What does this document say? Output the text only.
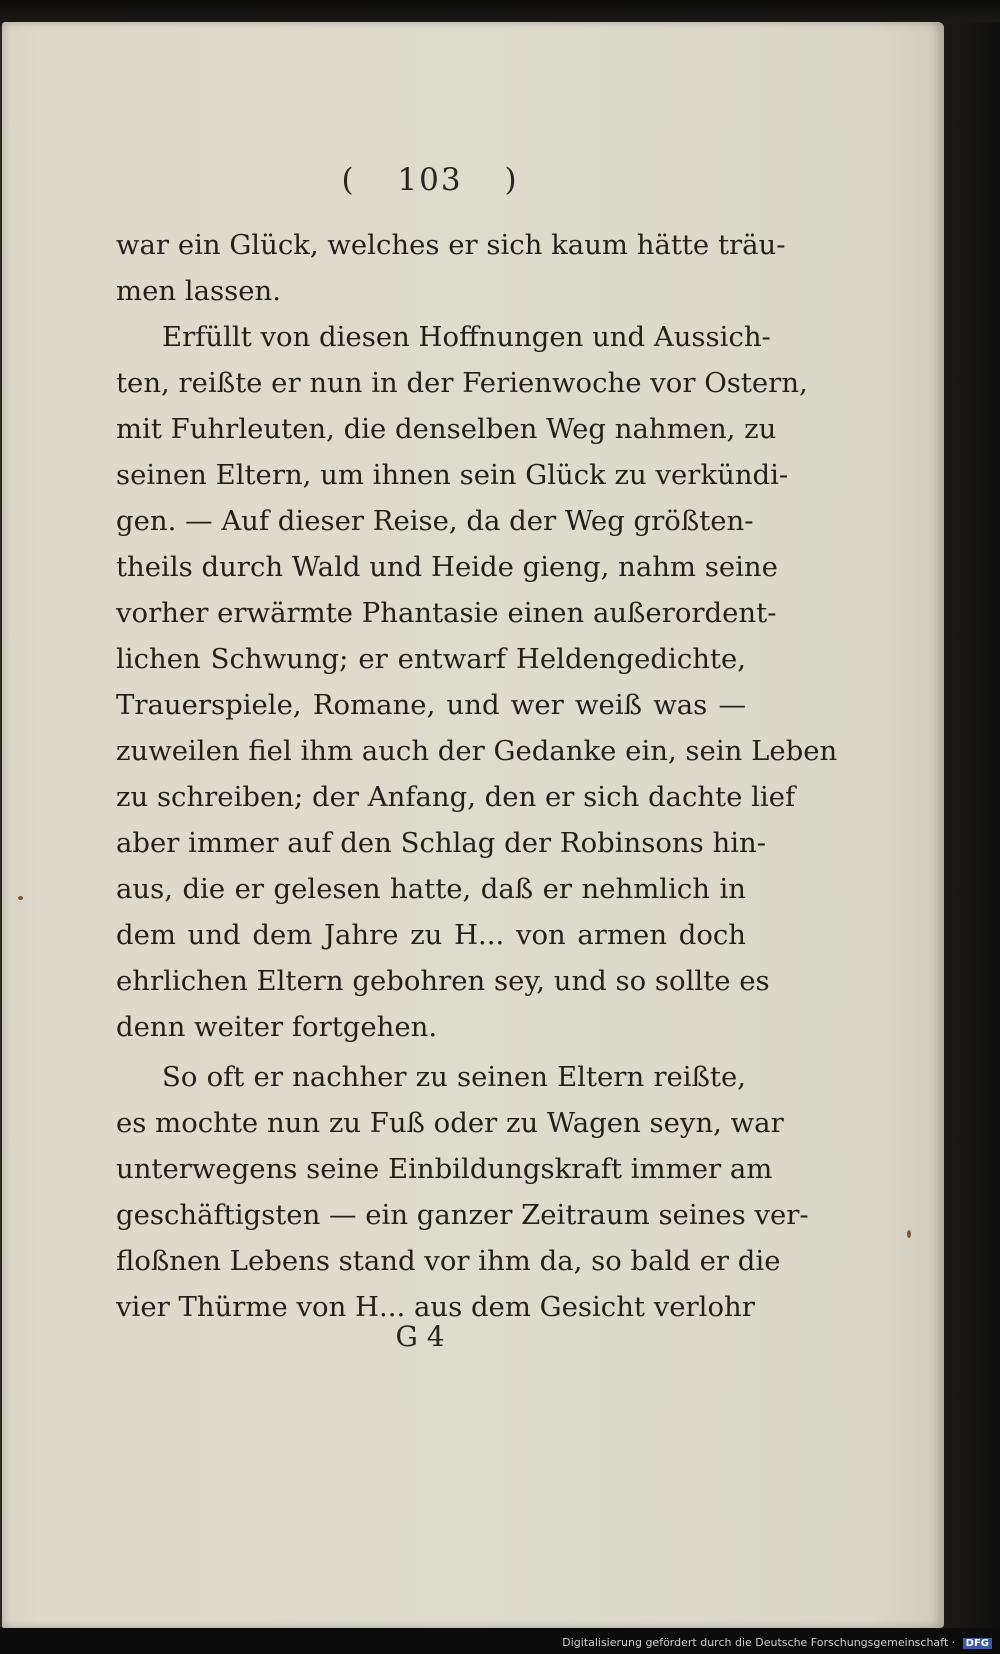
( 103 )
war ein Glück, welches er sich kaum hätte träu-
men lassen.
Erfüllt von diesen Hoffnungen und Aussich-
ten, reißte er nun in der Ferienwoche vor Ostern,
mit Fuhrleuten, die denselben Weg nahmen, zu
seinen Eltern, um ihnen sein Glück zu verkündi-
gen. — Auf dieser Reise, da der Weg größten-
theils durch Wald und Heide gieng, nahm seine
vorher erwärmte Phantasie einen außerordent-
lichen Schwung; er entwarf Heldengedichte,
Trauerspiele, Romane, und wer weiß was —
zuweilen fiel ihm auch der Gedanke ein, sein Leben
zu schreiben; der Anfang, den er sich dachte lief
aber immer auf den Schlag der Robinsons hin-
aus, die er gelesen hatte, daß er nehmlich in
dem und dem Jahre zu H... von armen doch
ehrlichen Eltern gebohren sey, und so sollte es
denn weiter fortgehen.
So oft er nachher zu seinen Eltern reißte,
es mochte nun zu Fuß oder zu Wagen seyn, war
unterwegens seine Einbildungskraft immer am
geschäftigsten — ein ganzer Zeitraum seines ver-
floßnen Lebens stand vor ihm da, so bald er die
vier Thürme von H... aus dem Gesicht verlohr
G 4
Digitalisierung gefördert durch die Deutsche Forschungsgemeinschaft · DFG
